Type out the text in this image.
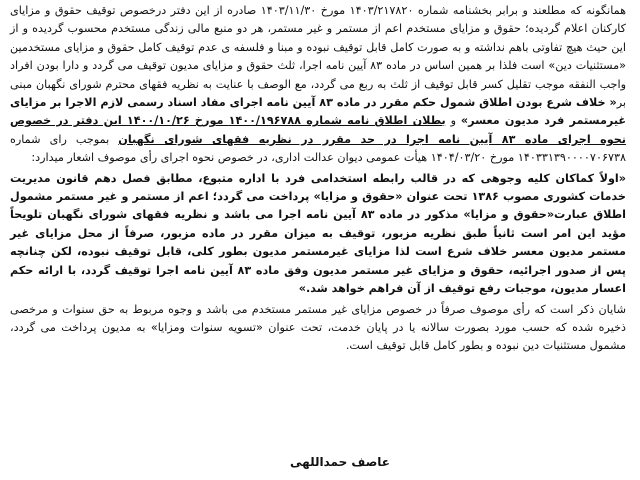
همانگونه که مطلعند و برابر بخشنامه شماره ۱۴۰۳/۲۱۷۸۲۰ مورخ ۱۴۰۳/۱۱/۳۰ صادره از این دفتر درخصوص توقیف حقوق و مزایای کارکنان اعلام گردیده؛ حقوق و مزایای مستخدم اعم از مستمر و غیر مستمر، هر دو منبع مالی زندگی مستخدم محسوب گردیده و از این حیث هیچ تفاوتی باهم نداشته و به صورت کامل قابل توقیف نبوده و مبنا و فلسفه ی عدم توقیف کامل حقوق و مزایای مستخدمین «مستثنیات دین» است فلذا بر همین اساس در ماده ۸۳ آیین نامه اجرا، ثلث حقوق و مزایای مدیون توقیف می گردد و دارا بودن افراد واجب النفقه موجب تقلیل کسر قابل توقیف از ثلث به ربع می گردد، مع الوصف با عنایت به نظریه فقهای محترم شورای نگهبان مبنی بر« خلاف شرع بودن اطلاق شمول حکم مقرر در ماده ۸۳ آیین نامه اجرای مفاد اسناد رسمی لازم الاجرا بر مزایای غیرمستمر فرد مدیون معسر» و بطلان اطلاق نامه شماره ۱۴۰۰/۱۹۶۷۸۸ مورخ ۱۴۰۰/۱۰/۲۶ این دفتر در خصوص نحوه اجرای ماده ۸۳ آیین نامه اجرا در حد مقرر در نظریه فقهای شورای نگهبان بموجب رای شماره ۱۴۰۳۳۱۳۹۰۰۰۰۷۰۶۷۳۸ مورخ ۱۴۰۴/۰۳/۲۰ هیأت عمومی دیوان عدالت اداری، در خصوص نحوه اجرای رأی موصوف اشعار میدارد:

«اولاً کماکان کلیه وجوهی که در قالب رابطه استخدامی فرد با اداره متبوع، مطابق فصل دهم قانون مدیریت خدمات کشوری مصوب ۱۳۸۶ تحت عنوان «حقوق و مزایا» پرداخت می گردد؛ اعم از مستمر و غیر مستمر مشمول اطلاق عبارت«حقوق و مزایا» مذکور در ماده ۸۳ آیین نامه اجرا می باشد و نظریه فقهای شورای نگهبان تلویحاً مؤید این امر است ثانیاً طبق نظریه مزبور، توقیف به میزان مقرر در ماده مزبور، صرفاً از محل مزایای غیر مستمر مدیون معسر خلاف شرع است لذا مزایای غیرمستمر مدیون بطور کلی، قابل توقیف نبوده، لکن چنانچه پس از صدور اجرائیه، حقوق و مزایای غیر مستمر مدیون وفق ماده ۸۳ آیین نامه اجرا توقیف گردد، با ارائه حکم اعسار مدیون، موجبات رفع توقیف از آن فراهم خواهد شد.»

شایان ذکر است که رأی موصوف صرفاً در خصوص مزایای غیر مستمر مستخدم می باشد و وجوه مربوط به حق سنوات و مرخصی ذخیره شده که حسب مورد بصورت سالانه یا در پایان خدمت، تحت عنوان «تسویه سنوات ومزایا» به مدیون پرداخت می گردد، مشمول مستثنیات دین نبوده و بطور کامل قابل توقیف است.

عاصف حمداللهی
